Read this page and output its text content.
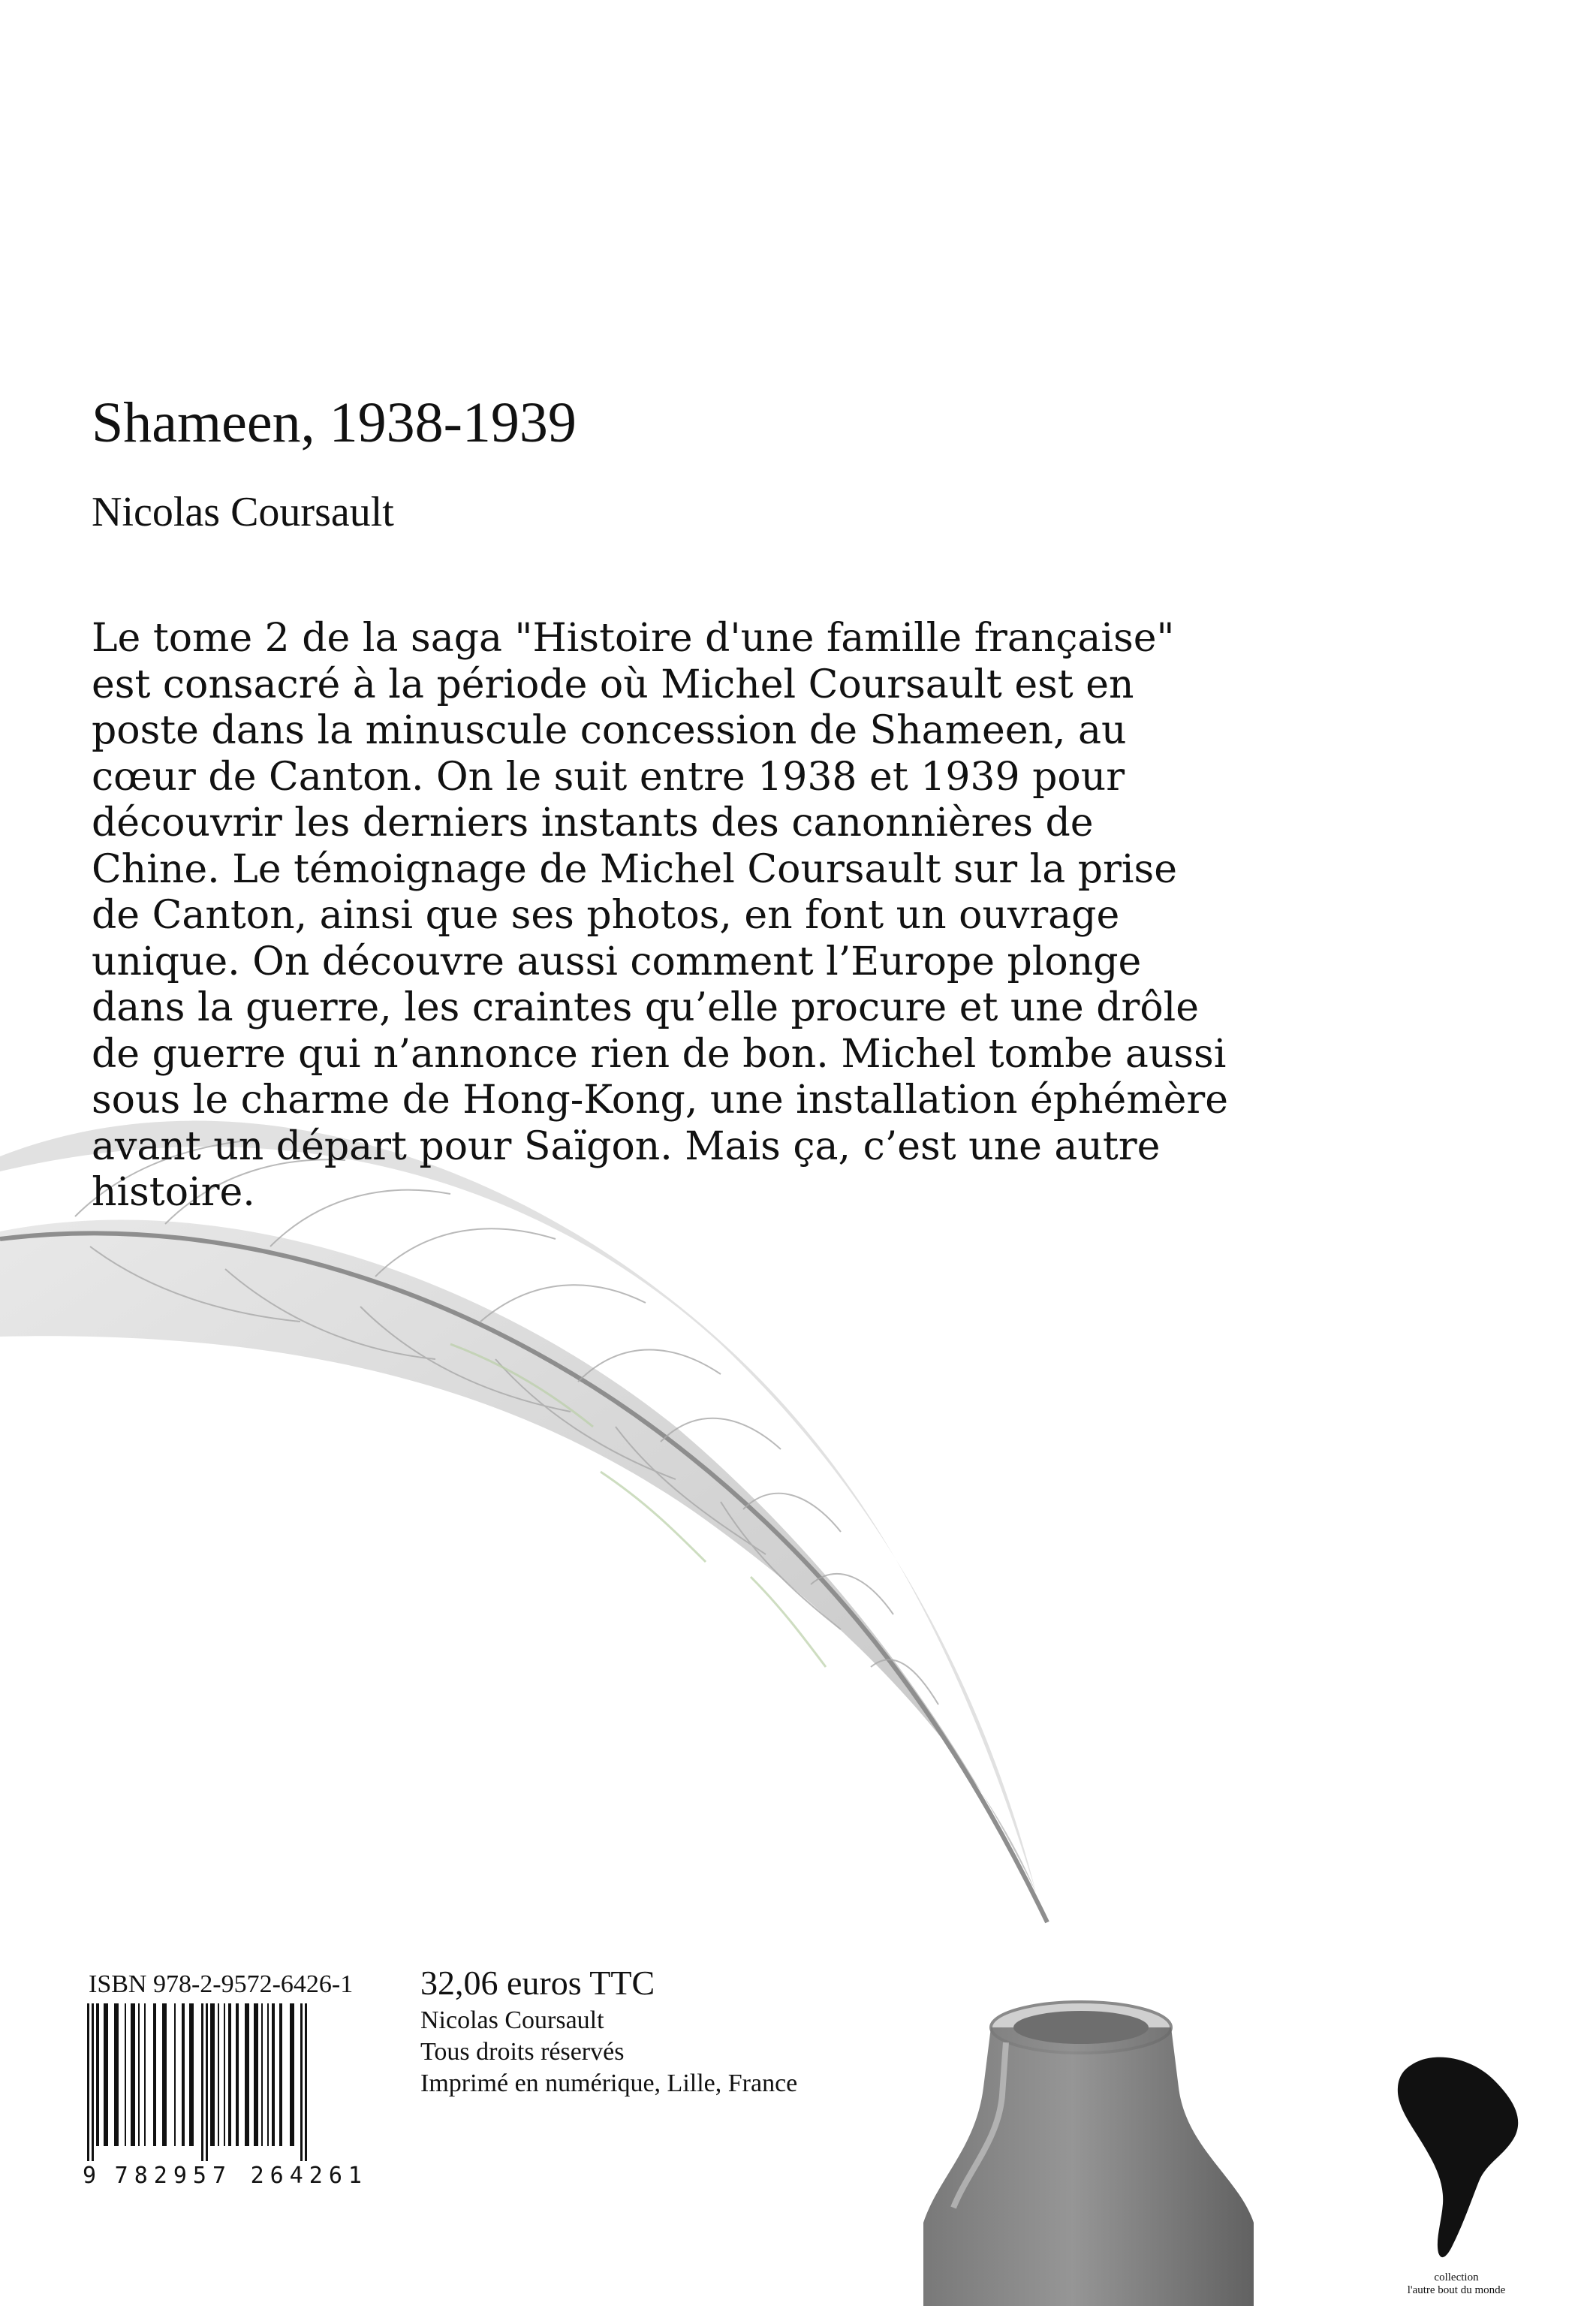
Shameen, 1938-1939
Nicolas Coursault

Le tome 2 de la saga "Histoire d'une famille française" est consacré à la période où Michel Coursault est en poste dans la minuscule concession de Shameen, au cœur de Canton. On le suit entre 1938 et 1939 pour découvrir les derniers instants des canonnières de Chine. Le témoignage de Michel Coursault sur la prise de Canton, ainsi que ses photos, en font un ouvrage unique. On découvre aussi comment l’Europe plonge dans la guerre, les craintes qu’elle procure et une drôle de guerre qui n’annonce rien de bon. Michel tombe aussi sous le charme de Hong-Kong, une installation éphémère avant un départ pour Saïgon. Mais ça, c’est une autre histoire.

ISBN 978-2-9572-6426-1
9 782957 264261
32,06 euros TTC
Nicolas Coursault
Tous droits réservés
Imprimé en numérique, Lille, France
collection
l'autre bout du monde
